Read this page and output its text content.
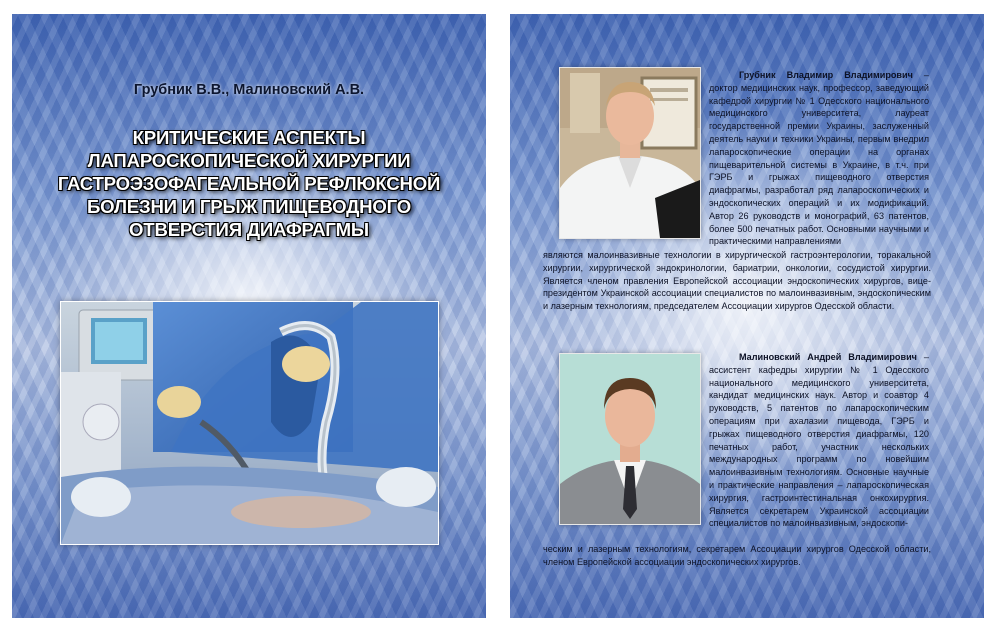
Грубник В.В., Малиновский А.В.
КРИТИЧЕСКИЕ АСПЕКТЫ
ЛАПАРОСКОПИЧЕСКОЙ ХИРУРГИИ
ГАСТРОЭЗОФАГЕАЛЬНОЙ РЕФЛЮКСНОЙ
БОЛЕЗНИ И ГРЫЖ ПИЩЕВОДНОГО
ОТВЕРСТИЯ ДИАФРАГМЫ
Грубник Владимир Владимирович – доктор медицинских наук, профессор, заведующий кафедрой хирургии № 1 Одесского национального медицинского университета, лауреат государственной премии Украины, заслуженный деятель науки и техники Украины, первым внедрил лапароскопические операции на органах пищеварительной системы в Украине, в т.ч. при ГЭРБ и грыжах пищеводного отверстия диафрагмы, разработал ряд лапароскопических и эндоскопических операций и их модификаций. Автор 26 руководств и монографий, 63 патентов, более 500 печатных работ. Основными научными и практическими направлениями
являются малоинвазивные технологии в хирургической гастроэнтерологии, торакальной хирургии, хирургической эндокринологии, бариатрии, онкологии, сосудистой хирургии. Является членом правления Европейской ассоциации эндоскопических хирургов, вице-президентом Украинской ассоциации специалистов по малоинвазивным, эндоскопическим и лазерным технологиям, председателем Ассоциации хирургов Одесской области.
Малиновский Андрей Владимирович – ассистент кафедры хирургии № 1 Одесского национального медицинского университета, кандидат медицинских наук. Автор и соавтор 4 руководств, 5 патентов по лапароскопическим операциям при ахалазии пищевода, ГЭРБ и грыжах пищеводного отверстия диафрагмы, 120 печатных работ, участник нескольких международных программ по новейшим малоинвазивным технологиям. Основные научные и практические направления – лапароскопическая хирургия, гастроинтестинальная онкохирургия. Является секретарем Украинской ассоциации специалистов по малоинвазивным, эндоскопи-
ческим и лазерным технологиям, секретарем Ассоциации хирургов Одесской области, членом Европейской ассоциации эндоскопических хирургов.
